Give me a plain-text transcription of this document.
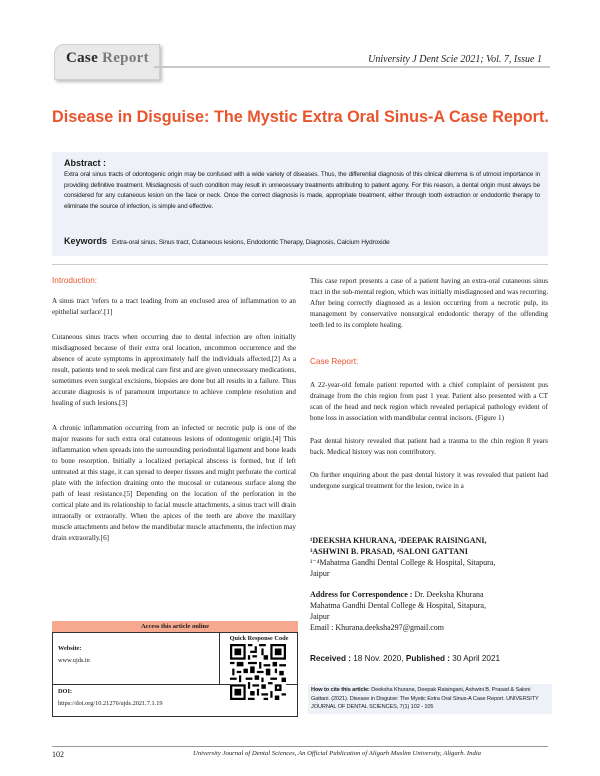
Case Report	University J Dent Scie 2021; Vol. 7, Issue 1
Disease in Disguise: The Mystic Extra Oral Sinus-A Case Report.
Abstract :
Extra oral sinus tracts of odontogenic origin may be confused with a wide variety of diseases. Thus, the differential diagnosis of this clinical dilemma is of utmost importance in providing definitive treatment. Misdiagnosis of such condition may result in unnecessary treatments attributing to patient agony. For this reason, a dental origin must always be considered for any cutaneous lesion on the face or neck. Once the correct diagnosis is made, appropriate treatment, either through tooth extraction or endodontic therapy to eliminate the source of infection, is simple and effective.
Keywords Extra-oral sinus, Sinus tract, Cutaneous lesions, Endodontic Therapy, Diagnosis, Calcium Hydroxide
Introduction:

A sinus tract 'refers to a tract leading from an enclosed area of inflammation to an epithelial surface'.[1]

Cutaneous sinus tracts when occurring due to dental infection are often initially misdiagnosed because of their extra oral location, uncommon occurrence and the absence of acute symptoms in approximately half the individuals affected.[2] As a result, patients tend to seek medical care first and are given unnecessary medications, sometimes even surgical excisions, biopsies are done but all results in a failure. Thus accurate diagnosis is of paramount importance to achieve complete resolution and healing of such lesions.[3]

A chronic inflammation occurring from an infected or necrotic pulp is one of the major reasons for such extra oral cutaneous lesions of odontogenic origin.[4] This inflammation when spreads into the surrounding periodontal ligament and bone leads to bone resorption. Initially a localized periapical abscess is formed, but if left untreated at this stage, it can spread to deeper tissues and might perforate the cortical plate with the infection draining onto the mucosal or cutaneous surface along the path of least resistance.[5] Depending on the location of the perforation in the cortical plate and its relationship to facial muscle attachments, a sinus tract will drain intraorally or extraorally. When the apices of the teeth are above the maxillary muscle attachments and below the mandibular muscle attachments, the infection may drain extraorally.[6]

This case report presents a case of a patient having an extra-oral cutaneous sinus tract in the sub-mental region, which was initially misdiagnosed and was recurring. After being correctly diagnosed as a lesion occurring from a necrotic pulp, its management by conservative nonsurgical endodontic therapy of the offending teeth led to its complete healing.

Case Report:

A 22-year-old female patient reported with a chief complaint of persistent pus drainage from the chin region from past 1 year. Patient also presented with a CT scan of the head and neck region which revealed periapical pathology evident of bone loss in association with mandibular central incisors. (Figure 1)

Past dental history revealed that patient had a trauma to the chin region 8 years back. Medical history was non contributory.

On further enquiring about the past dental history it was revealed that patient had undergone surgical treatment for the lesion, twice in a

Access this article online
Website:
www.ujds.in
Quick Response Code
DOI:
https://doi.org/10.21276/ujds.2021.7.1.19
¹DEEKSHA KHURANA, ²DEEPAK RAISINGANI,
³ASHWINI B. PRASAD, ⁴SALONI GATTANI
¹⁻⁴Mahatma Gandhi Dental College & Hospital, Sitapura,
Jaipur
Address for Correspondence : Dr. Deeksha Khurana
Mahatma Gandhi Dental College & Hospital, Sitapura,
Jaipur
Email : Khurana.deeksha297@gmail.com
Received : 18 Nov. 2020, Published : 30 April 2021
How to cite this article: Deeksha Khurana, Deepak Raisingani, Ashwini B. Prasad & Saloni Gattani. (2021). Disease in Disguise: The Mystic Extra Oral Sinus-A Case Report. UNIVERSITY JOURNAL OF DENTAL SCIENCES, 7(1) 102 - 105
102	University Journal of Dental Sciences, An Official Publication of Aligarh Muslim University, Aligarh. India
